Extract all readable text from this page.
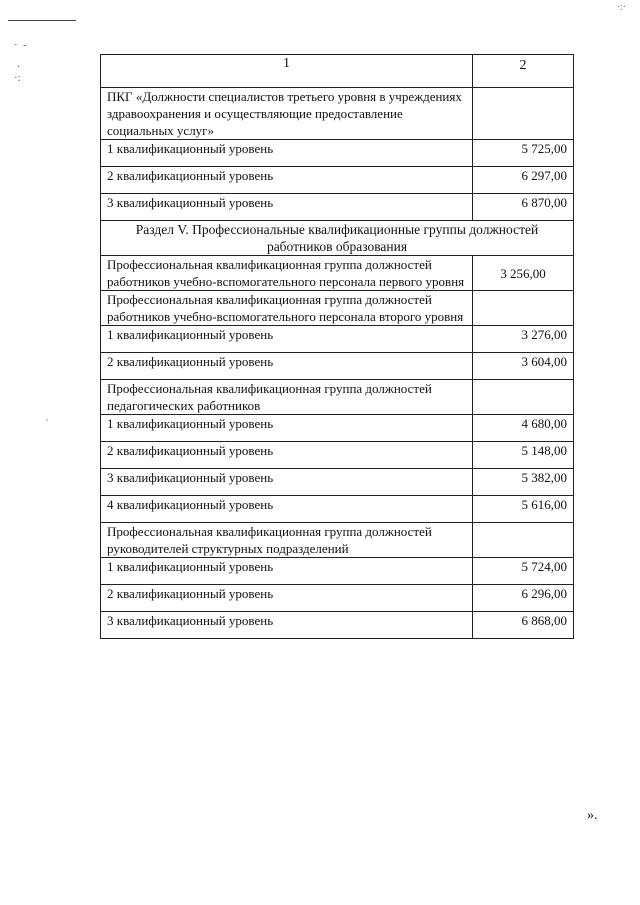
·  -

·
·:
·:·
′
1	2
ПКГ «Должности специалистов третьего уровня в учреждениях здравоохранения и осуществляющие предоставление социальных услуг»	
1 квалификационный уровень	5 725,00
2 квалификационный уровень	6 297,00
3 квалификационный уровень	6 870,00
Раздел V. Профессиональные квалификационные группы должностей работников образования	
Профессиональная квалификационная группа должностей работников учебно-вспомогательного персонала первого уровня	3 256,00
Профессиональная квалификационная группа должностей работников учебно-вспомогательного персонала второго уровня	
1 квалификационный уровень	3 276,00
2 квалификационный уровень	3 604,00
Профессиональная квалификационная группа должностей педагогических работников	
1 квалификационный уровень	4 680,00
2 квалификационный уровень	5 148,00
3 квалификационный уровень	5 382,00
4 квалификационный уровень	5 616,00
Профессиональная квалификационная группа должностей руководителей структурных подразделений	
1 квалификационный уровень	5 724,00
2 квалификационный уровень	6 296,00
3 квалификационный уровень	6 868,00
».
